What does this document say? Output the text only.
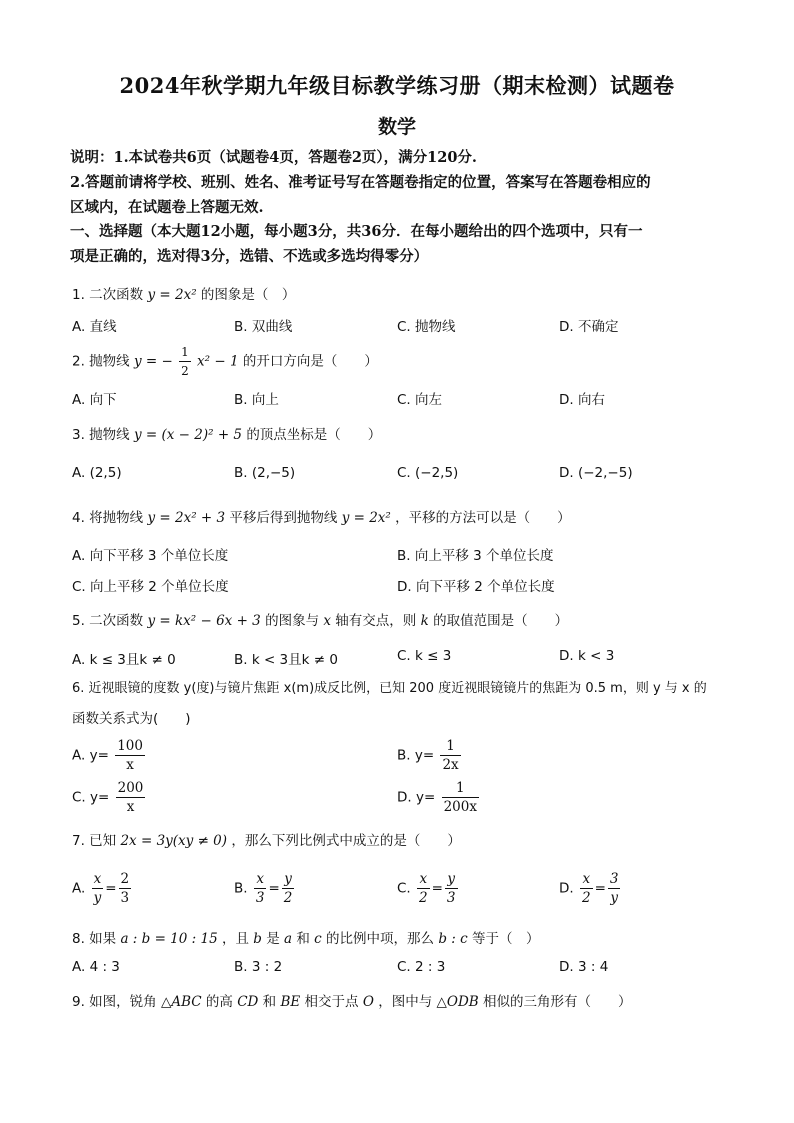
2024年秋学期九年级目标教学练习册（期末检测）试题卷
数学
说明：1.本试卷共6页（试题卷4页，答题卷2页），满分120分.
2.答题前请将学校、班别、姓名、准考证号写在答题卷指定的位置，答案写在答题卷相应的
区域内，在试题卷上答题无效.
一、选择题（本大题12小题，每小题3分，共36分．在每小题给出的四个选项中，只有一
项是正确的，选对得3分，选错、不选或多选均得零分）
1. 二次函数 y = 2x² 的图象是（　）
A. 直线	B. 双曲线	C. 抛物线	D. 不确定
2. 抛物线 y = − $\frac{1}{2} x^2 - 1$ 的开口方向是（　　）
A. 向下	B. 向上	C. 向左	D. 向右
3. 抛物线 y = (x − 2)² + 5 的顶点坐标是（　　）
A. (2,5)	B. (2,−5)	C. (−2,5)	D. (−2,−5)
4. 将抛物线 y = 2x² + 3 平移后得到抛物线 y = 2x² ，平移的方法可以是（　　）
A. 向下平移 3 个单位长度	B. 向上平移 3 个单位长度
C. 向上平移 2 个单位长度	D. 向下平移 2 个单位长度
5. 二次函数 y = kx² − 6x + 3 的图象与 x 轴有交点，则 k 的取值范围是（　　）
A. k ≤ 3且k ≠ 0	B. k < 3且k ≠ 0	C. k ≤ 3	D. k < 3
6. 近视眼镜的度数 y(度)与镜片焦距 x(m)成反比例，已知 200 度近视眼镜镜片的焦距为 0.5 m，则 y 与 x 的
函数关系式为(　　)
A. $y= \frac{100}{x}$	B. $y= \frac{1}{2x}$
C. $y= \frac{200}{x}$	D. $y= \frac{1}{200x}$
7. 已知 2x = 3y(xy ≠ 0) ，那么下列比例式中成立的是（　　）
A. $\frac{x}{y} = \frac{2}{3}$	B. $\frac{x}{3} = \frac{y}{2}$	C. $\frac{x}{2} = \frac{y}{3}$	D. $\frac{x}{2} = \frac{3}{y}$
8. 如果 a : b = 10 : 15 ，且 b 是 a 和 c 的比例中项，那么 b : c 等于（　）
A. 4 : 3	B. 3 : 2	C. 2 : 3	D. 3 : 4
9. 如图，锐角 △ABC 的高 CD 和 BE 相交于点 O ，图中与 △ODB 相似的三角形有（　　）
